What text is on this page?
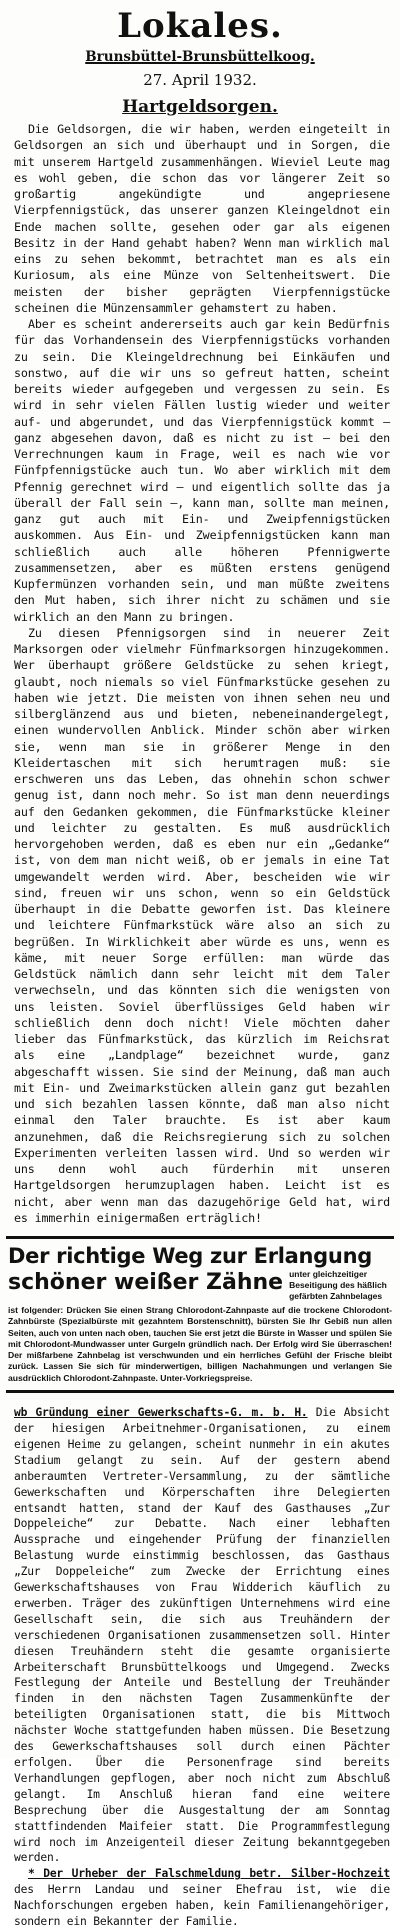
Lokales.
Brunsbüttel-Brunsbüttelkoog.
27. April 1932.
Hartgeldsorgen.

Die Geldsorgen, die wir haben, werden eingeteilt in Geldsorgen an sich und überhaupt und in Sorgen, die mit unserem Hartgeld zusammenhängen. Wieviel Leute mag es wohl geben, die schon das vor längerer Zeit so großartig angekündigte und angepriesene Vierpfennigstück, das unserer ganzen Kleingeldnot ein Ende machen sollte, gesehen oder gar als eigenen Besitz in der Hand gehabt haben? Wenn man wirklich mal eins zu sehen bekommt, betrachtet man es als ein Kuriosum, als eine Münze von Seltenheitswert. Die meisten der bisher geprägten Vierpfennigstücke scheinen die Münzensammler gehamstert zu haben.

Aber es scheint andererseits auch gar kein Bedürfnis für das Vorhandensein des Vierpfennigstücks vorhanden zu sein. Die Kleingeldrechnung bei Einkäufen und sonstwo, auf die wir uns so gefreut hatten, scheint bereits wieder aufgegeben und vergessen zu sein. Es wird in sehr vielen Fällen lustig wieder und weiter auf- und abgerundet, und das Vierpfennigstück kommt — ganz abgesehen davon, daß es nicht zu ist — bei den Verrechnungen kaum in Frage, weil es nach wie vor Fünfpfennigstücke auch tun. Wo aber wirklich mit dem Pfennig gerechnet wird — und eigentlich sollte das ja überall der Fall sein —, kann man, sollte man meinen, ganz gut auch mit Ein- und Zweipfennigstücken auskommen. Aus Ein- und Zweipfennigstücken kann man schließlich auch alle höheren Pfennigwerte zusammensetzen, aber es müßten erstens genügend Kupfermünzen vorhanden sein, und man müßte zweitens den Mut haben, sich ihrer nicht zu schämen und sie wirklich an den Mann zu bringen.

Zu diesen Pfennigsorgen sind in neuerer Zeit Marksorgen oder vielmehr Fünfmarksorgen hinzugekommen. Wer überhaupt größere Geldstücke zu sehen kriegt, glaubt, noch niemals so viel Fünfmarkstücke gesehen zu haben wie jetzt. Die meisten von ihnen sehen neu und silberglänzend aus und bieten, nebeneinandergelegt, einen wundervollen Anblick. Minder schön aber wirken sie, wenn man sie in größerer Menge in den Kleidertaschen mit sich herumtragen muß: sie erschweren uns das Leben, das ohnehin schon schwer genug ist, dann noch mehr. So ist man denn neuerdings auf den Gedanken gekommen, die Fünfmarkstücke kleiner und leichter zu gestalten. Es muß ausdrücklich hervorgehoben werden, daß es eben nur ein „Gedanke“ ist, von dem man nicht weiß, ob er jemals in eine Tat umgewandelt werden wird. Aber, bescheiden wie wir sind, freuen wir uns schon, wenn so ein Geldstück überhaupt in die Debatte geworfen ist. Das kleinere und leichtere Fünfmarkstück wäre also an sich zu begrüßen. In Wirklichkeit aber würde es uns, wenn es käme, mit neuer Sorge erfüllen: man würde das Geldstück nämlich dann sehr leicht mit dem Taler verwechseln, und das könnten sich die wenigsten von uns leisten. Soviel überflüssiges Geld haben wir schließlich denn doch nicht! Viele möchten daher lieber das Fünfmarkstück, das kürzlich im Reichsrat als eine „Landplage“ bezeichnet wurde, ganz abgeschafft wissen. Sie sind der Meinung, daß man auch mit Ein- und Zweimarkstücken allein ganz gut bezahlen und sich bezahlen lassen könnte, daß man also nicht einmal den Taler brauchte. Es ist aber kaum anzunehmen, daß die Reichsregierung sich zu solchen Experimenten verleiten lassen wird. Und so werden wir uns denn wohl auch fürderhin mit unseren Hartgeldsorgen herumzuplagen haben. Leicht ist es nicht, aber wenn man das dazugehörige Geld hat, wird es immerhin einigermaßen erträglich!

Der richtige Weg zur Erlangung
schöner weißer Zähne unter gleichzeitiger Beseitigung des häßlich gefärbten Zahnbelages
ist folgender: Drücken Sie einen Strang Chlorodont-Zahnpaste auf die trockene Chlorodont-Zahnbürste (Spezialbürste mit gezahntem Borstenschnitt), bürsten Sie Ihr Gebiß nun allen Seiten, auch von unten nach oben, tauchen Sie erst jetzt die Bürste in Wasser und spülen Sie mit Chlorodont-Mundwasser unter Gurgeln gründlich nach. Der Erfolg wird Sie überraschen! Der mißfarbene Zahnbelag ist verschwunden und ein herrliches Gefühl der Frische bleibt zurück. Lassen Sie sich für minderwertigen, billigen Nachahmungen und verlangen Sie ausdrücklich Chlorodont-Zahnpaste. Unter-Vorkriegspreise.

wb Gründung einer Gewerkschafts-G. m. b. H. Die Absicht der hiesigen Arbeitnehmer-Organisationen, zu einem eigenen Heime zu gelangen, scheint nunmehr in ein akutes Stadium gelangt zu sein. Auf der gestern abend anberaumten Vertreter-Versammlung, zu der sämtliche Gewerkschaften und Körperschaften ihre Delegierten entsandt hatten, stand der Kauf des Gasthauses „Zur Doppeleiche“ zur Debatte. Nach einer lebhaften Aussprache und eingehender Prüfung der finanziellen Belastung wurde einstimmig beschlossen, das Gasthaus „Zur Doppeleiche“ zum Zwecke der Errichtung eines Gewerkschaftshauses von Frau Widderich käuflich zu erwerben. Träger des zukünftigen Unternehmens wird eine Gesellschaft sein, die sich aus Treuhändern der verschiedenen Organisationen zusammensetzen soll. Hinter diesen Treuhändern steht die gesamte organisierte Arbeiterschaft Brunsbüttelkoogs und Umgegend. Zwecks Festlegung der Anteile und Bestellung der Treuhänder finden in den nächsten Tagen Zusammenkünfte der beteiligten Organisationen statt, die bis Mittwoch nächster Woche stattgefunden haben müssen. Die Besetzung des Gewerkschaftshauses soll durch einen Pächter erfolgen. Über die Personenfrage sind bereits Verhandlungen gepflogen, aber noch nicht zum Abschluß gelangt. Im Anschluß hieran fand eine weitere Besprechung über die Ausgestaltung der am Sonntag stattfindenden Maifeier statt. Die Programmfestlegung wird noch im Anzeigenteil dieser Zeitung bekanntgegeben werden.

* Der Urheber der Falschmeldung betr. Silber-Hochzeit des Herrn Landau und seiner Ehefrau ist, wie die Nachforschungen ergeben haben, kein Familienangehöriger, sondern ein Bekannter der Familie.
